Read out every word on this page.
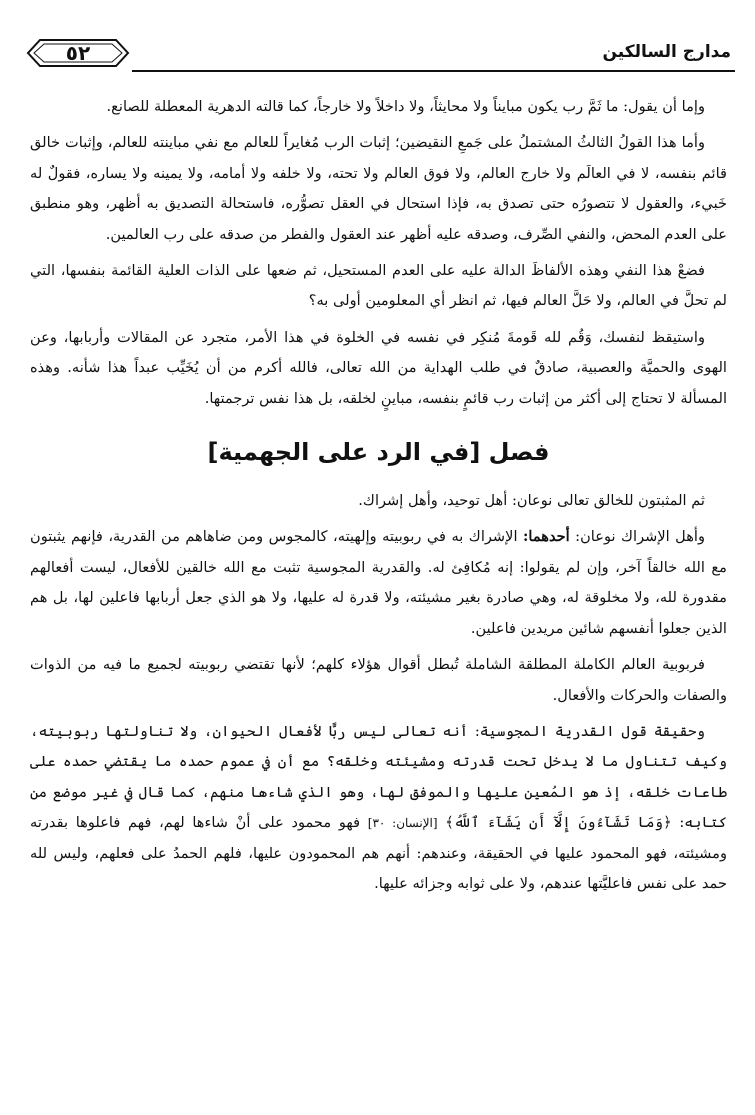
٥٢	مدارج السالكين

وإما أن يقول: ما ثَمَّ رب يكون مبايناً ولا محايثاً، ولا داخلاً ولا خارجاً، كما قالته الدهرية المعطلة للصانع.

وأما هذا القولُ الثالثُ المشتملُ على جَمعِ النقيضين؛ إثبات الرب مُغايراً للعالم مع نفي مباينته للعالم، وإثبات خالق قائم بنفسه، لا في العالَم ولا خارج العالم، ولا فوق العالم ولا تحته، ولا خلفه ولا أمامه، ولا يمينه ولا يساره، فقولٌ له خَبيء، والعقول لا تتصورُه حتى تصدق به، فإذا استحال في العقل تصوُّره، فاستحالة التصديق به أظهر، وهو منطبق على العدم المحض، والنفي الصِّرف، وصدقه عليه أظهر عند العقول والفطر من صدقه على رب العالمين.

فضعْ هذا النفي وهذه الألفاظَ الدالة عليه على العدم المستحيل، ثم ضعها على الذات العلية القائمة بنفسها، التي لم تحلَّ في العالم، ولا حَلَّ العالم فيها، ثم انظر أي المعلومين أولى به؟

واستيقظ لنفسك، وَقُم لله قَومةَ مُنكِر في نفسه في الخلوة في هذا الأمر، متجرد عن المقالات وأربابها، وعن الهوى والحميَّة والعصبية، صادقٌ في طلب الهداية من الله تعالى، فالله أكرم من أن يُخَيِّب عبداً هذا شأنه. وهذه المسألة لا تحتاج إلى أكثر من إثبات رب قائمٍ بنفسه، مباينٍ لخلقه، بل هذا نفس ترجمتها.

فصل [في الرد على الجهمية]

ثم المثبتون للخالق تعالى نوعان: أهل توحيد، وأهل إشراك.

وأهل الإشراك نوعان: أحدهما: الإشراك به في ربوبيته وإلهيته، كالمجوس ومن ضاهاهم من القدرية، فإنهم يثبتون مع الله خالقاً آخر، وإن لم يقولوا: إنه مُكافِئ له. والقدرية المجوسية تثبت مع الله خالقين للأفعال، ليست أفعالهم مقدورة لله، ولا مخلوقة له، وهي صادرة بغير مشيئته، ولا قدرة له عليها، ولا هو الذي جعل أربابها فاعلين لها، بل هم الذين جعلوا أنفسهم شائين مريدين فاعلين.

فربوبية العالم الكاملة المطلقة الشاملة تُبطل أقوال هؤلاء كلهم؛ لأنها تقتضي ربوبيته لجميع ما فيه من الذوات والصفات والحركات والأفعال.

وحقيقة قول القدرية المجوسية: أنه تعالى ليس ربًّا لأفعال الحيوان، ولا تناولتها ربوبيته، وكيف تتناول ما لا يدخل تحت قدرته ومشيئته وخلقه؟ مع أن في عموم حمده ما يقتضي حمده على طاعات خلقه، إذ هو المُعين عليها والموفق لها، وهو الذي شاءها منهم، كما قال في غير موضع من كتابه: ﴿وَمَا تَشَآءُونَ إِلَّآ أَن يَشَآءَ ٱللَّهُ﴾ [الإنسان: ٣٠] فهو محمود على أنْ شاءها لهم، فهم فاعلوها بقدرته ومشيئته، فهو المحمود عليها في الحقيقة، وعندهم: أنهم هم المحمودون عليها، فلهم الحمدُ على فعلهم، وليس لله حمد على نفس فاعليَّتها عندهم، ولا على ثوابه وجزائه عليها.
